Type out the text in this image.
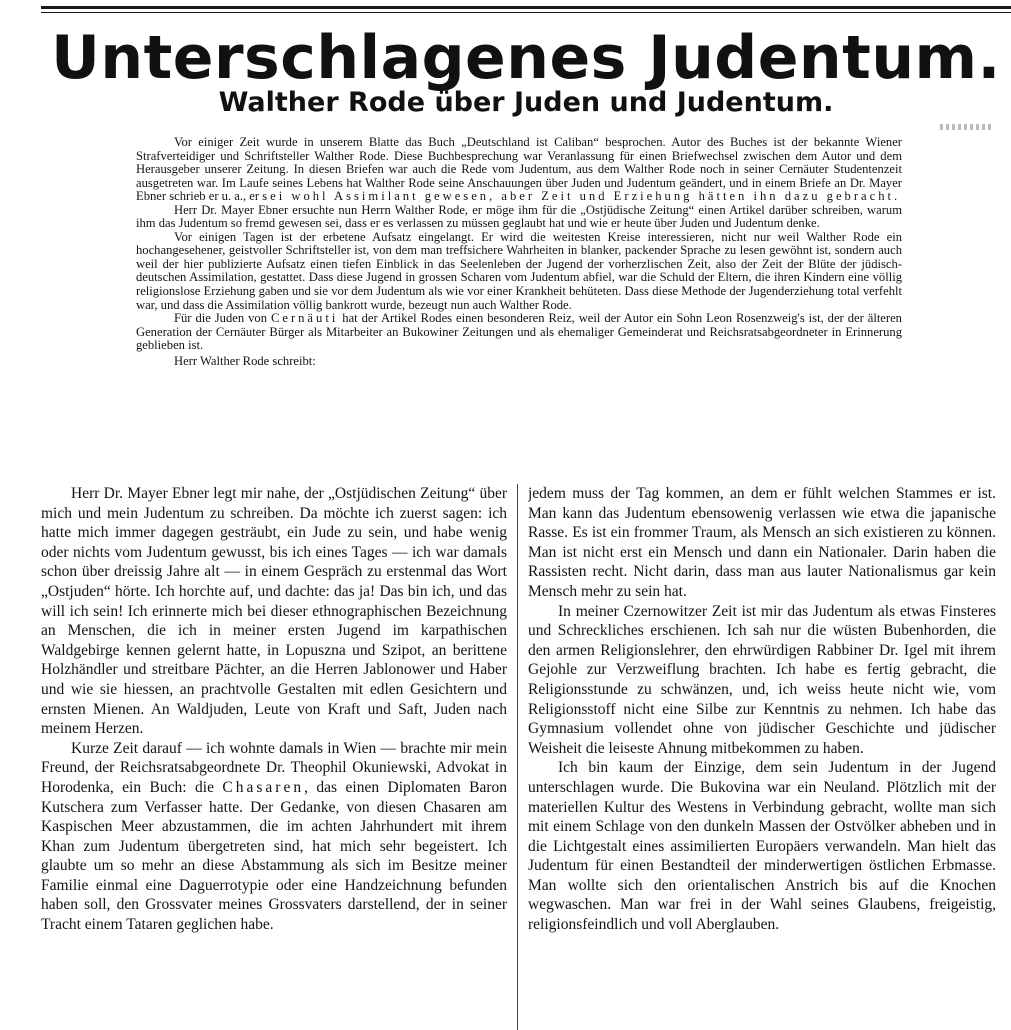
Unterschlagenes Judentum.
Walther Rode über Juden und Judentum.

Vor einiger Zeit wurde in unserem Blatte das Buch „Deutschland ist Caliban“ besprochen. Autor des Buches ist der bekannte Wiener Strafverteidiger und Schriftsteller Walther Rode. Diese Buchbesprechung war Veranlassung für einen Briefwechsel zwischen dem Autor und dem Herausgeber unserer Zeitung. In diesen Briefen war auch die Rede vom Judentum, aus dem Walther Rode noch in seiner Cernäuter Studentenzeit ausgetreten war. Im Laufe seines Lebens hat Walther Rode seine Anschauungen über Juden und Judentum geändert, und in einem Briefe an Dr. Mayer Ebner schrieb er u. a., er sei wohl Assimilant gewesen, aber Zeit und Erziehung hätten ihn dazu gebracht.

Herr Dr. Mayer Ebner ersuchte nun Herrn Walther Rode, er möge ihm für die „Ostjüdische Zeitung“ einen Artikel darüber schreiben, warum ihm das Judentum so fremd gewesen sei, dass er es verlassen zu müssen geglaubt hat und wie er heute über Juden und Judentum denke.

Vor einigen Tagen ist der erbetene Aufsatz eingelangt. Er wird die weitesten Kreise interessieren, nicht nur weil Walther Rode ein hochangesehener, geistvoller Schriftsteller ist, von dem man treffsichere Wahrheiten in blanker, packender Sprache zu lesen gewöhnt ist, sondern auch weil der hier publizierte Aufsatz einen tiefen Einblick in das Seelenleben der Jugend der vorherzlischen Zeit, also der Zeit der Blüte der jüdisch-deutschen Assimilation, gestattet. Dass diese Jugend in grossen Scharen vom Judentum abfiel, war die Schuld der Eltern, die ihren Kindern eine völlig religionslose Erziehung gaben und sie vor dem Judentum als wie vor einer Krankheit behüteten. Dass diese Methode der Jugenderziehung total verfehlt war, und dass die Assimilation völlig bankrott wurde, bezeugt nun auch Walther Rode.

Für die Juden von Cernäuti hat der Artikel Rodes einen besonderen Reiz, weil der Autor ein Sohn Leon Rosenzweig's ist, der der älteren Generation der Cernäuter Bürger als Mitarbeiter an Bukowiner Zeitungen und als ehemaliger Gemeinderat und Reichsratsabgeordneter in Erinnerung geblieben ist.

Herr Walther Rode schreibt:

Herr Dr. Mayer Ebner legt mir nahe, der „Ostjüdischen Zeitung“ über mich und mein Judentum zu schreiben. Da möchte ich zuerst sagen: ich hatte mich immer dagegen gesträubt, ein Jude zu sein, und habe wenig oder nichts vom Judentum gewusst, bis ich eines Tages — ich war damals schon über dreissig Jahre alt — in einem Gespräch zu erstenmal das Wort „Ostjuden“ hörte. Ich horchte auf, und dachte: das ja! Das bin ich, und das will ich sein! Ich erinnerte mich bei dieser ethnographischen Bezeichnung an Menschen, die ich in meiner ersten Jugend im karpathischen Waldgebirge kennen gelernt hatte, in Lopuszna und Szipot, an berittene Holzhändler und streitbare Pächter, an die Herren Jablonower und Haber und wie sie hiessen, an prachtvolle Gestalten mit edlen Gesichtern und ernsten Mienen. An Waldjuden, Leute von Kraft und Saft, Juden nach meinem Herzen.

Kurze Zeit darauf — ich wohnte damals in Wien — brachte mir mein Freund, der Reichsratsabgeordnete Dr. Theophil Okuniewski, Advokat in Horodenka, ein Buch: die Chasaren, das einen Diplomaten Baron Kutschera zum Verfasser hatte. Der Gedanke, von diesen Chasaren am Kaspischen Meer abzustammen, die im achten Jahrhundert mit ihrem Khan zum Judentum übergetreten sind, hat mich sehr begeistert. Ich glaubte um so mehr an diese Abstammung als sich im Besitze meiner Familie einmal eine Daguerrotypie oder eine Handzeichnung befunden haben soll, den Grossvater meines Grossvaters darstellend, der in seiner Tracht einem Tataren geglichen habe.

jedem muss der Tag kommen, an dem er fühlt welchen Stammes er ist. Man kann das Judentum ebensowenig verlassen wie etwa die japanische Rasse. Es ist ein frommer Traum, als Mensch an sich existieren zu können. Man ist nicht erst ein Mensch und dann ein Nationaler. Darin haben die Rassisten recht. Nicht darin, dass man aus lauter Nationalismus gar kein Mensch mehr zu sein hat.

In meiner Czernowitzer Zeit ist mir das Judentum als etwas Finsteres und Schreckliches erschienen. Ich sah nur die wüsten Bubenhorden, die den armen Religionslehrer, den ehrwürdigen Rabbiner Dr. Igel mit ihrem Gejohle zur Verzweiflung brachten. Ich habe es fertig gebracht, die Religionsstunde zu schwänzen, und, ich weiss heute nicht wie, vom Religionsstoff nicht eine Silbe zur Kenntnis zu nehmen. Ich habe das Gymnasium vollendet ohne von jüdischer Geschichte und jüdischer Weisheit die leiseste Ahnung mitbekommen zu haben.

Ich bin kaum der Einzige, dem sein Judentum in der Jugend unterschlagen wurde. Die Bukovina war ein Neuland. Plötzlich mit der materiellen Kultur des Westens in Verbindung gebracht, wollte man sich mit einem Schlage von den dunkeln Massen der Ostvölker abheben und in die Lichtgestalt eines assimilierten Europäers verwandeln. Man hielt das Judentum für einen Bestandteil der minderwertigen östlichen Erbmasse. Man wollte sich den orientalischen Anstrich bis auf die Knochen wegwaschen. Man war frei in der Wahl seines Glaubens, freigeistig, religionsfeindlich und voll Aberglauben.
